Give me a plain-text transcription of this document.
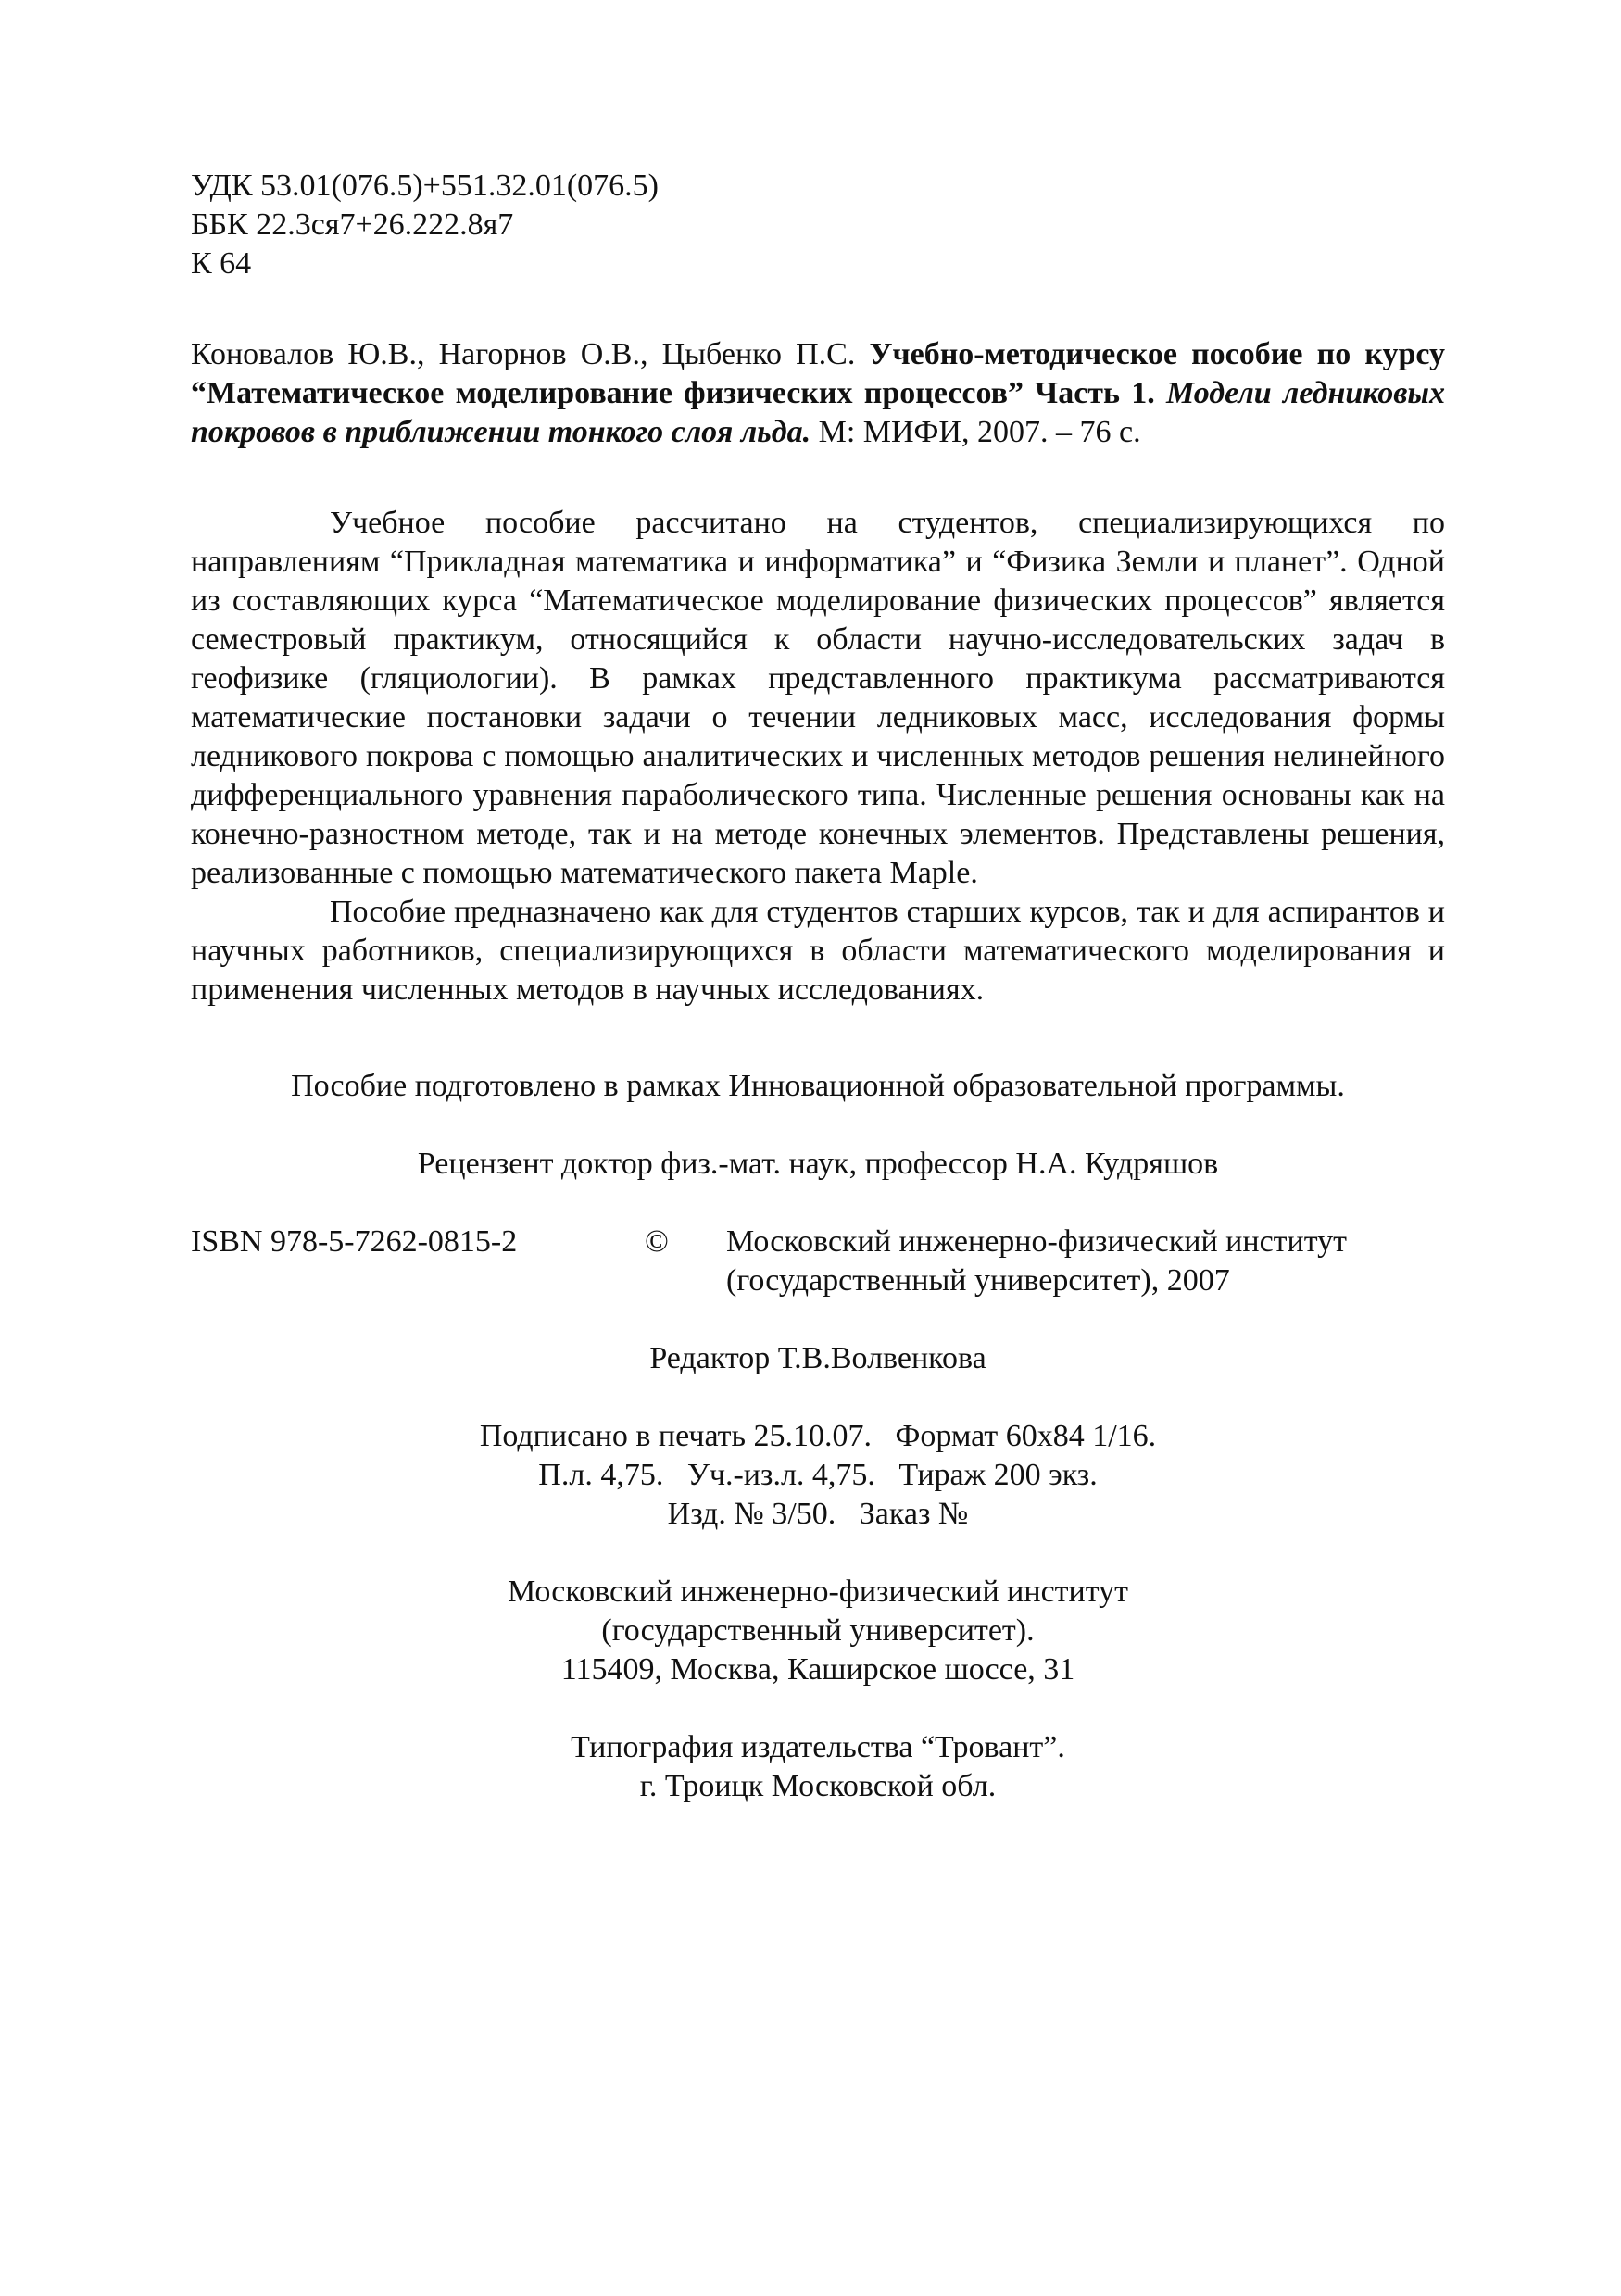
УДК 53.01(076.5)+551.32.01(076.5)
ББК 22.3ся7+26.222.8я7
К 64
Коновалов Ю.В., Нагорнов О.В., Цыбенко П.С. Учебно-методическое пособие по курсу “Математическое моделирование физических процессов” Часть 1. Модели ледниковых покровов в приближении тонкого слоя льда. М: МИФИ, 2007. – 76 с.

Учебное пособие рассчитано на студентов, специализирующихся по направлениям “Прикладная математика и информатика” и “Физика Земли и планет”. Одной из составляющих курса “Математическое моделирование физических процессов” является семестровый практикум, относящийся к области научно-исследовательских задач в геофизике (гляциологии). В рамках представленного практикума рассматриваются математические постановки задачи о течении ледниковых масс, исследования формы ледникового покрова с помощью аналитических и численных методов решения нелинейного дифференциального уравнения параболического типа. Численные решения основаны как на конечно-разностном методе, так и на методе конечных элементов. Представлены решения, реализованные с помощью математического пакета Maple.

Пособие предназначено как для студентов старших курсов, так и для аспирантов и научных работников, специализирующихся в области математического моделирования и применения численных методов в научных исследованиях.

Пособие подготовлено в рамках Инновационной образовательной программы.
Рецензент доктор физ.-мат. наук, профессор Н.А. Кудряшов
ISBN 978-5-7262-0815-2	©	Московский инженерно-физический институт
(государственный университет), 2007
Редактор Т.В.Волвенкова
Подписано в печать 25.10.07.   Формат 60х84 1/16.
П.л. 4,75.   Уч.-из.л. 4,75.   Тираж 200 экз.
Изд. № 3/50.   Заказ №
Московский инженерно-физический институт
(государственный университет).
115409, Москва, Каширское шоссе, 31
Типография издательства “Тровант”.
г. Троицк Московской обл.
